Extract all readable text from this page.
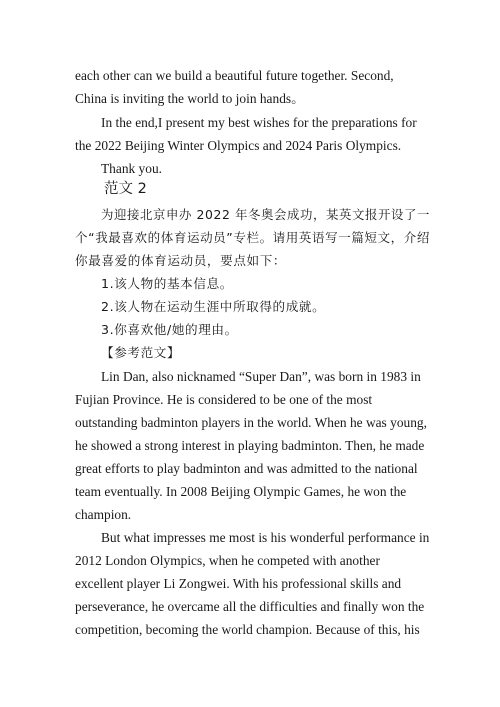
each other can we build a beautiful future together. Second,
China is inviting the world to join hands。
In the end,I present my best wishes for the preparations for
the 2022 Beijing Winter Olympics and 2024 Paris Olympics.
Thank you.
范文 2
为迎接北京申办 2022 年冬奥会成功，某英文报开设了一
个“我最喜欢的体育运动员”专栏。请用英语写一篇短文，介绍
你最喜爱的体育运动员，要点如下：
1.该人物的基本信息。
2.该人物在运动生涯中所取得的成就。
3.你喜欢他/她的理由。
【参考范文】
Lin Dan, also nicknamed “Super Dan”, was born in 1983 in
Fujian Province. He is considered to be one of the most
outstanding badminton players in the world. When he was young,
he showed a strong interest in playing badminton. Then, he made
great efforts to play badminton and was admitted to the national
team eventually. In 2008 Beijing Olympic Games, he won the
champion.
But what impresses me most is his wonderful performance in
2012 London Olympics, when he competed with another
excellent player Li Zongwei. With his professional skills and
perseverance, he overcame all the difficulties and finally won the
competition, becoming the world champion. Because of this, his
